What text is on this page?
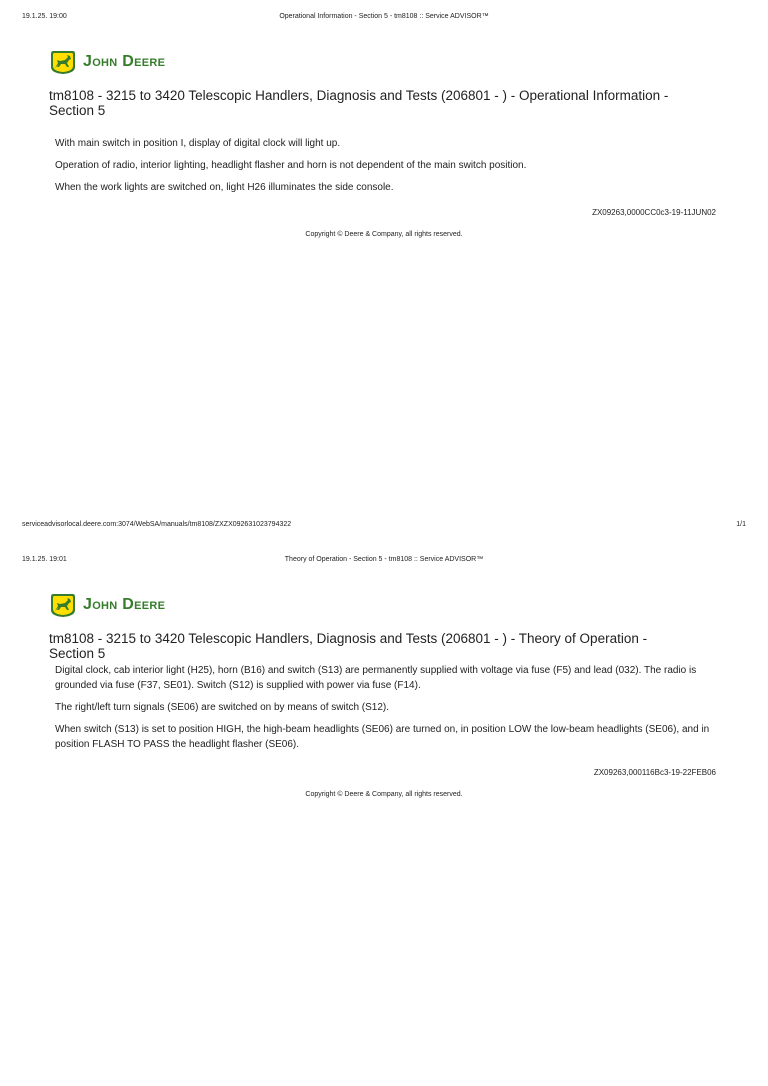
19.1.25. 19:00	Operational Information - Section 5 - tm8108 :: Service ADVISOR™
John Deere
tm8108 - 3215 to 3420 Telescopic Handlers, Diagnosis and Tests (206801 - ) - Operational Information - Section 5

With main switch in position I, display of digital clock will light up.

Operation of radio, interior lighting, headlight flasher and horn is not dependent of the main switch position.

When the work lights are switched on, light H26 illuminates the side console.

ZX09263,0000CC0c3-19-11JUN02
Copyright © Deere & Company, all rights reserved.
serviceadvisorlocal.deere.com:3074/WebSA/manuals/tm8108/ZXZX092631023794322	1/1
19.1.25. 19:01	Theory of Operation - Section 5 - tm8108 :: Service ADVISOR™
John Deere
tm8108 - 3215 to 3420 Telescopic Handlers, Diagnosis and Tests (206801 - ) - Theory of Operation - Section 5

Digital clock, cab interior light (H25), horn (B16) and switch (S13) are permanently supplied with voltage via fuse (F5) and lead (032). The radio is grounded via fuse (F37, SE01). Switch (S12) is supplied with power via fuse (F14).

The right/left turn signals (SE06) are switched on by means of switch (S12).

When switch (S13) is set to position HIGH, the high-beam headlights (SE06) are turned on, in position LOW the low-beam headlights (SE06), and in position FLASH TO PASS the headlight flasher (SE06).

ZX09263,000116Bc3-19-22FEB06
Copyright © Deere & Company, all rights reserved.
